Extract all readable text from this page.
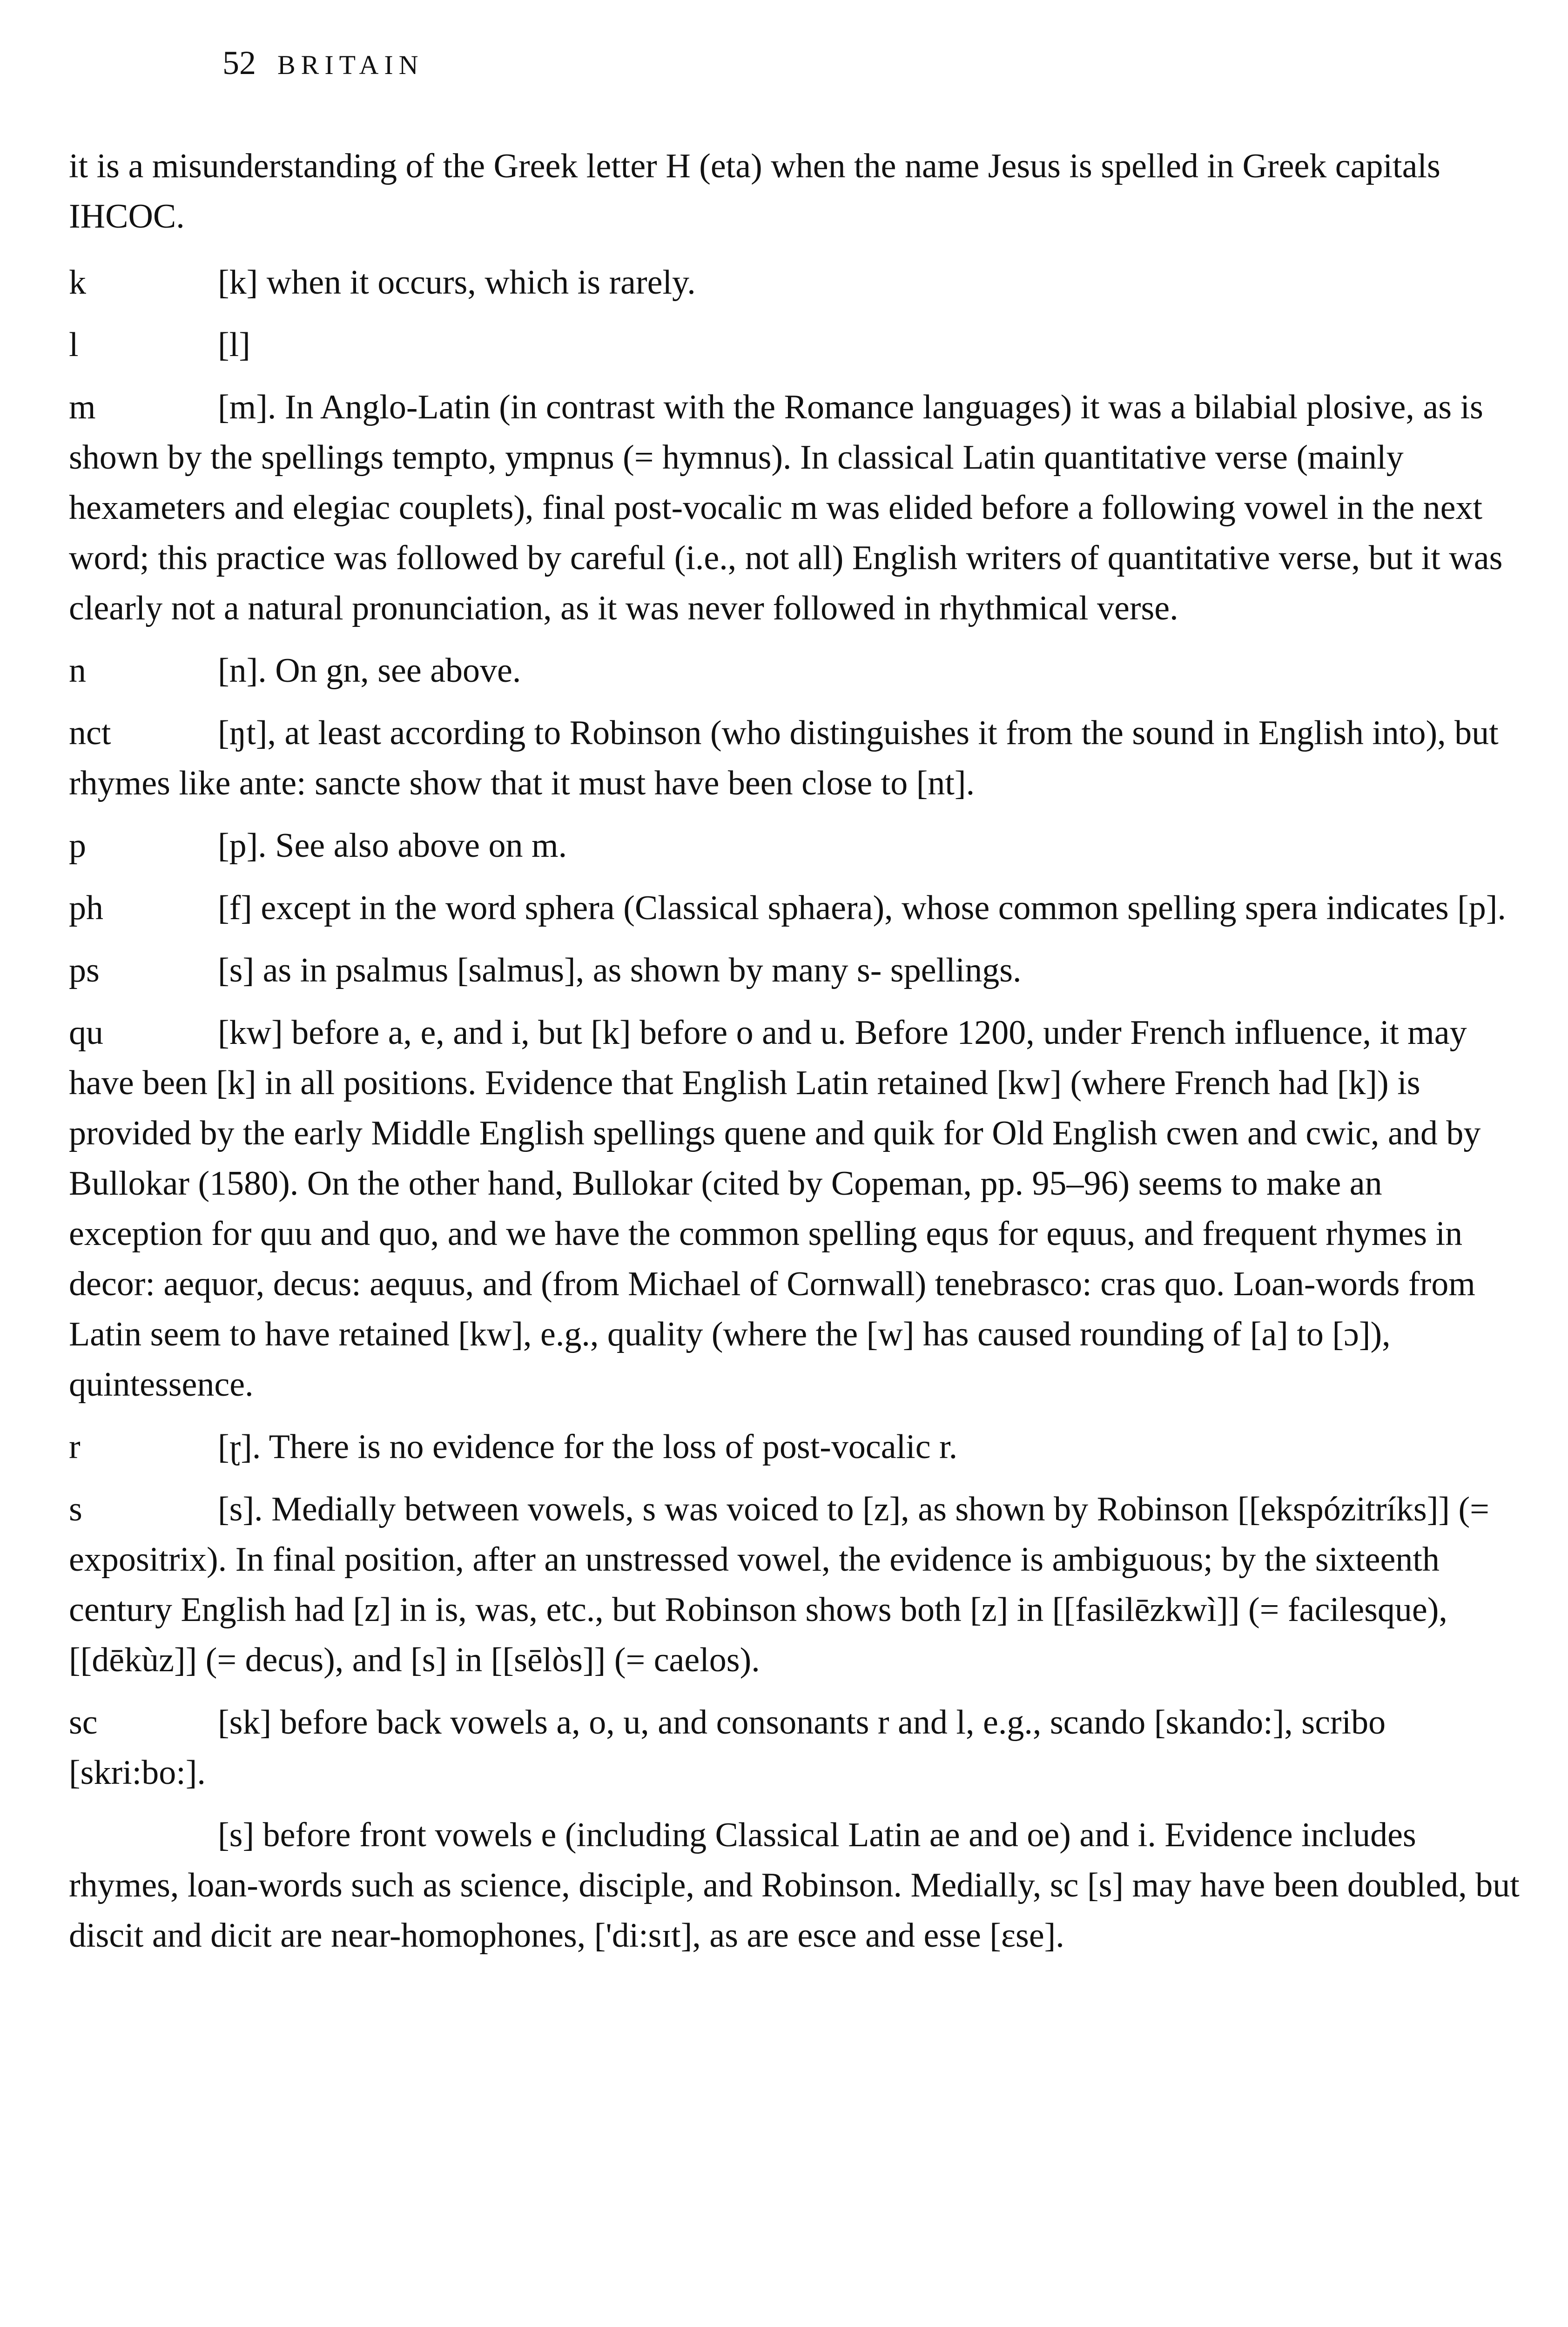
52 BRITAIN

it is a misunderstanding of the Greek letter H (eta) when the name Jesus is spelled in Greek capitals IHCOC.

k	[k] when it occurs, which is rarely.
l	[l]
m	[m]. In Anglo-Latin (in contrast with the Romance languages) it was a bilabial plosive, as is shown by the spellings tempto, ympnus (= hymnus). In classical Latin quantitative verse (mainly hexameters and elegiac couplets), final post-vocalic m was elided before a following vowel in the next word; this practice was followed by careful (i.e., not all) English writers of quantitative verse, but it was clearly not a natural pronunciation, as it was never followed in rhythmical verse.
n	[n]. On gn, see above.
nct	[ŋt], at least according to Robinson (who distinguishes it from the sound in English into), but rhymes like ante: sancte show that it must have been close to [nt].
p	[p]. See also above on m.
ph	[f] except in the word sphera (Classical sphaera), whose common spelling spera indicates [p].
ps	[s] as in psalmus [salmus], as shown by many s- spellings.
qu	[kw] before a, e, and i, but [k] before o and u. Before 1200, under French influence, it may have been [k] in all positions. Evidence that English Latin retained [kw] (where French had [k]) is provided by the early Middle English spellings quene and quik for Old English cwen and cwic, and by Bullokar (1580). On the other hand, Bullokar (cited by Copeman, pp. 95–96) seems to make an exception for quu and quo, and we have the common spelling equs for equus, and frequent rhymes in decor: aequor, decus: aequus, and (from Michael of Cornwall) tenebrasco: cras quo. Loan-words from Latin seem to have retained [kw], e.g., quality (where the [w] has caused rounding of [a] to [ɔ]), quintessence.
r	[ɽ]. There is no evidence for the loss of post-vocalic r.
s	[s]. Medially between vowels, s was voiced to [z], as shown by Robinson [[ekspózitríks]] (= expositrix). In final position, after an unstressed vowel, the evidence is ambiguous; by the sixteenth century English had [z] in is, was, etc., but Robinson shows both [z] in [[fasilēzkwì]] (= facilesque), [[dēkùz]] (= decus), and [s] in [[sēlὸs]] (= caelos).
sc	[sk] before back vowels a, o, u, and consonants r and l, e.g., scando [skando:], scribo [skri:bo:].

[s] before front vowels e (including Classical Latin ae and oe) and i. Evidence includes rhymes, loan-words such as science, disciple, and Robinson. Medially, sc [s] may have been doubled, but discit and dicit are near-homophones, ['di:sɪt], as are esce and esse [ɛse].
